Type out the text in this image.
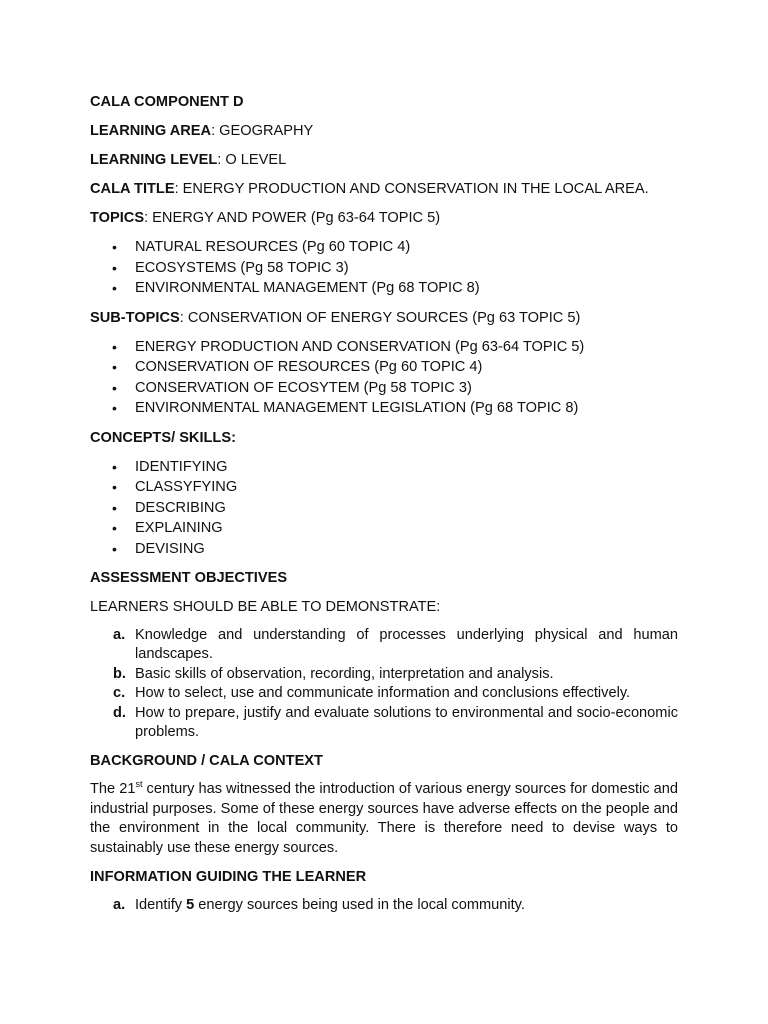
CALA COMPONENT D

LEARNING AREA: GEOGRAPHY

LEARNING LEVEL: O LEVEL

CALA TITLE: ENERGY PRODUCTION AND CONSERVATION IN THE LOCAL AREA.

TOPICS: ENERGY AND POWER (Pg 63-64 TOPIC 5)

• NATURAL RESOURCES (Pg 60 TOPIC 4)
• ECOSYSTEMS (Pg 58 TOPIC 3)
• ENVIRONMENTAL MANAGEMENT (Pg 68 TOPIC 8)

SUB-TOPICS: CONSERVATION OF ENERGY SOURCES (Pg 63 TOPIC 5)

• ENERGY PRODUCTION AND CONSERVATION (Pg 63-64 TOPIC 5)
• CONSERVATION OF RESOURCES (Pg 60 TOPIC 4)
• CONSERVATION OF ECOSYTEM (Pg 58 TOPIC 3)
• ENVIRONMENTAL MANAGEMENT LEGISLATION (Pg 68 TOPIC 8)

CONCEPTS/ SKILLS:

• IDENTIFYING
• CLASSYFYING
• DESCRIBING
• EXPLAINING
• DEVISING

ASSESSMENT OBJECTIVES

LEARNERS SHOULD BE ABLE TO DEMONSTRATE:

a. Knowledge and understanding of processes underlying physical and human landscapes.
b. Basic skills of observation, recording, interpretation and analysis.
c. How to select, use and communicate information and conclusions effectively.
d. How to prepare, justify and evaluate solutions to environmental and socio-economic problems.

BACKGROUND / CALA CONTEXT

The 21st century has witnessed the introduction of various energy sources for domestic and industrial purposes. Some of these energy sources have adverse effects on the people and the environment in the local community. There is therefore need to devise ways to sustainably use these energy sources.

INFORMATION GUIDING THE LEARNER

a. Identify 5 energy sources being used in the local community.
